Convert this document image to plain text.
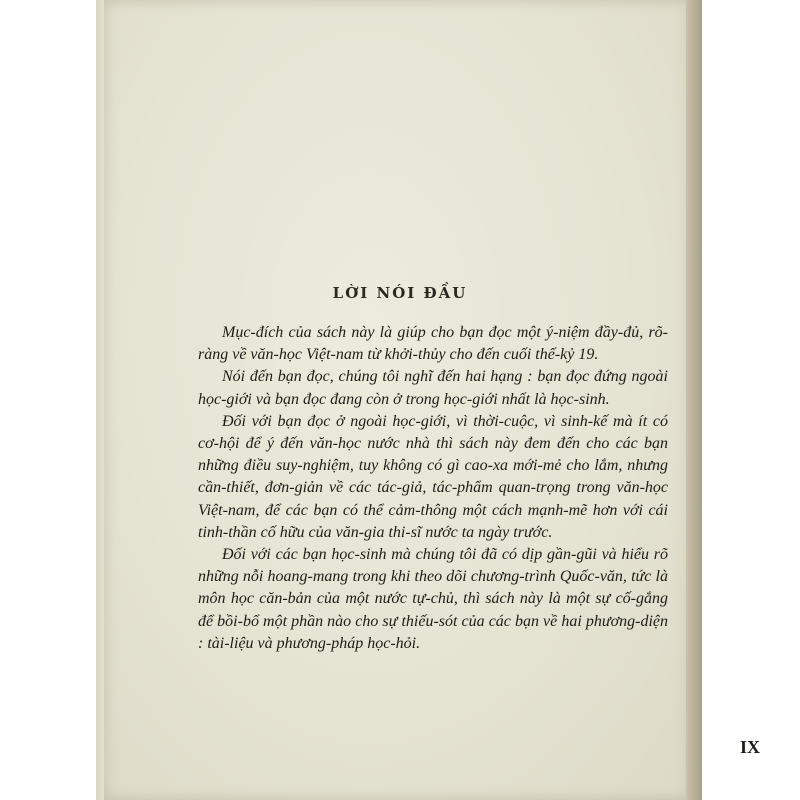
LỜI NÓI ĐẦU

Mục-đích của sách này là giúp cho bạn đọc một ý-niệm đầy-đủ, rõ-ràng về văn-học Việt-nam từ khởi-thủy cho đến cuối thế-kỷ 19.

Nói đến bạn đọc, chúng tôi nghĩ đến hai hạng : bạn đọc đứng ngoài học-giới và bạn đọc đang còn ở trong học-giới nhất là học-sinh.

Đối với bạn đọc ở ngoài học-giới, vì thời-cuộc, vì sinh-kế mà ít có cơ-hội để ý đến văn-học nước nhà thì sách này đem đến cho các bạn những điều suy-nghiệm, tuy không có gì cao-xa mới-mẻ cho lắm, nhưng cần-thiết, đơn-giản về các tác-giả, tác-phẩm quan-trọng trong văn-học Việt-nam, để các bạn có thể cảm-thông một cách mạnh-mẽ hơn với cái tinh-thần cố hữu của văn-gia thi-sĩ nước ta ngày trước.

Đối với các bạn học-sinh mà chúng tôi đã có dịp gần-gũi và hiểu rõ những nỗi hoang-mang trong khi theo dõi chương-trình Quốc-văn, tức là môn học căn-bản của một nước tự-chủ, thì sách này là một sự cố-gắng để bồi-bổ một phần nào cho sự thiếu-sót của các bạn về hai phương-diện : tài-liệu và phương-pháp học-hỏi.

IX
